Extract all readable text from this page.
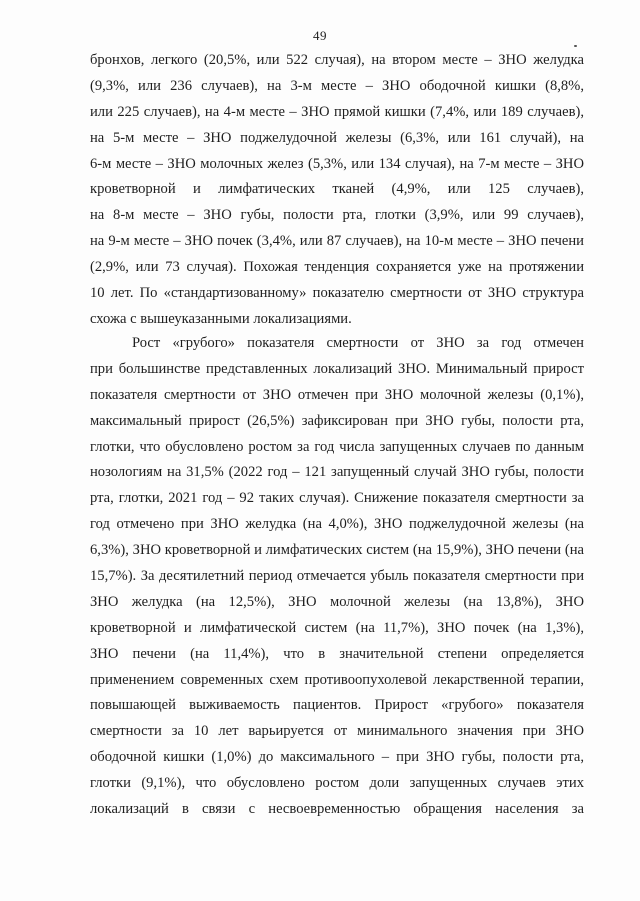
49
бронхов, легкого (20,5%, или 522 случая), на втором месте – ЗНО желудка
(9,3%, или 236 случаев), на 3-м месте – ЗНО ободочной кишки (8,8%,
или 225 случаев), на 4-м месте – ЗНО прямой кишки (7,4%, или 189 случаев),
на 5-м месте – ЗНО поджелудочной железы (6,3%, или 161 случай), на
6-м месте – ЗНО молочных желез (5,3%, или 134 случая), на 7-м месте – ЗНО
кроветворной и лимфатических тканей (4,9%, или 125 случаев),
на 8-м месте – ЗНО губы, полости рта, глотки (3,9%, или 99 случаев),
на 9-м месте – ЗНО почек (3,4%, или 87 случаев), на 10-м месте – ЗНО печени
(2,9%, или 73 случая). Похожая тенденция сохраняется уже на протяжении
10 лет. По «стандартизованному» показателю смертности от ЗНО структура
схожа с вышеуказанными локализациями.
Рост «грубого» показателя смертности от ЗНО за год отмечен
при большинстве представленных локализаций ЗНО. Минимальный прирост
показателя смертности от ЗНО отмечен при ЗНО молочной железы (0,1%),
максимальный прирост (26,5%) зафиксирован при ЗНО губы, полости рта,
глотки, что обусловлено ростом за год числа запущенных случаев по данным
нозологиям на 31,5% (2022 год – 121 запущенный случай ЗНО губы, полости
рта, глотки, 2021 год – 92 таких случая). Снижение показателя смертности за
год отмечено при ЗНО желудка (на 4,0%), ЗНО поджелудочной железы (на
6,3%), ЗНО кроветворной и лимфатических систем (на 15,9%), ЗНО печени (на
15,7%). За десятилетний период отмечается убыль показателя смертности при
ЗНО желудка (на 12,5%), ЗНО молочной железы (на 13,8%), ЗНО
кроветворной и лимфатической систем (на 11,7%), ЗНО почек (на 1,3%),
ЗНО печени (на 11,4%), что в значительной степени определяется
применением современных схем противоопухолевой лекарственной терапии,
повышающей выживаемость пациентов. Прирост «грубого» показателя
смертности за 10 лет варьируется от минимального значения при ЗНО
ободочной кишки (1,0%) до максимального – при ЗНО губы, полости рта,
глотки (9,1%), что обусловлено ростом доли запущенных случаев этих
локализаций в связи с несвоевременностью обращения населения за
